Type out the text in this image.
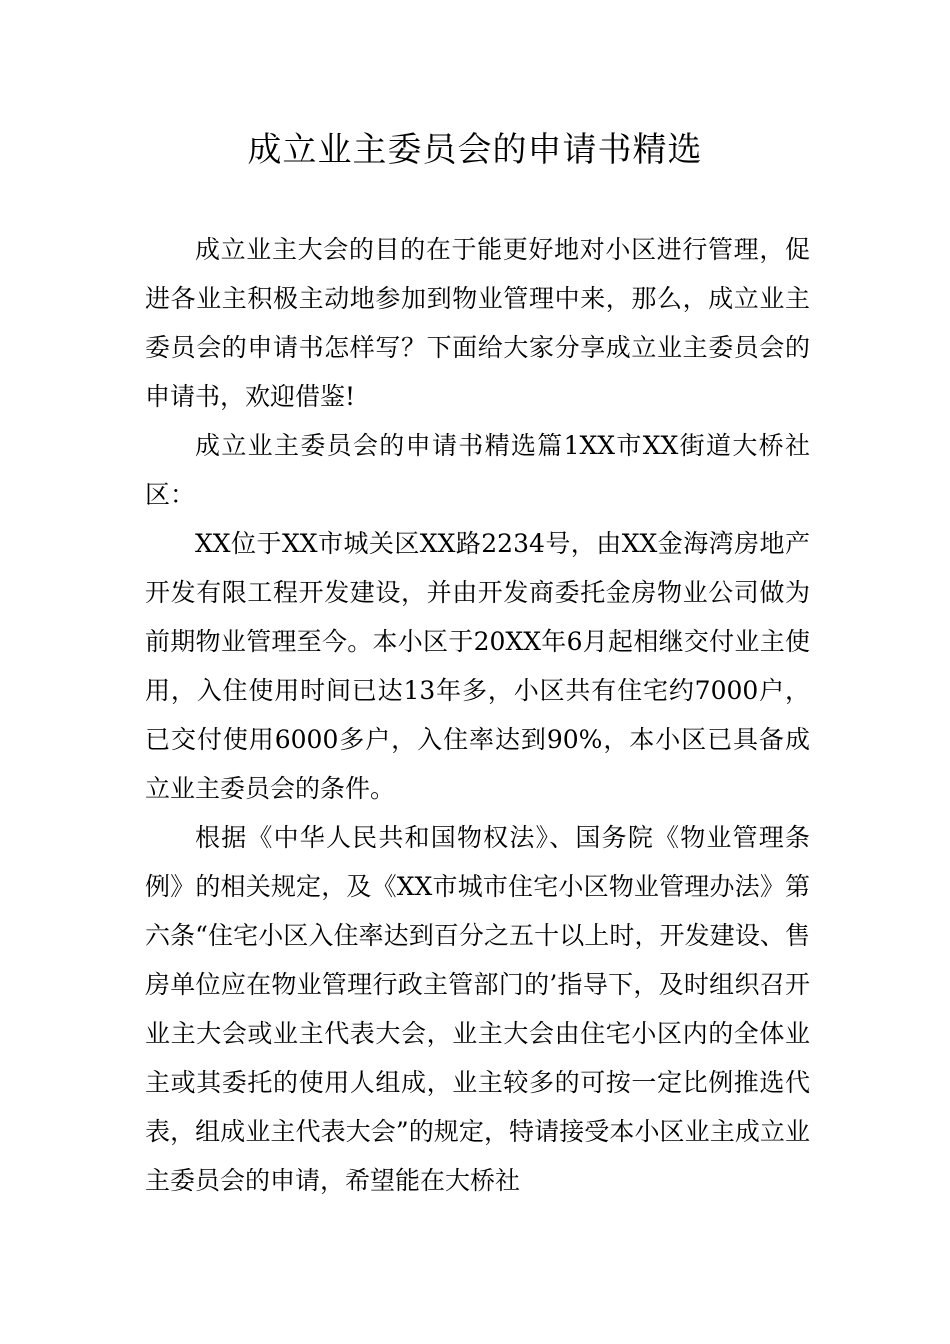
成立业主委员会的申请书精选

成立业主大会的目的在于能更好地对小区进行管理，促进各业主积极主动地参加到物业管理中来，那么，成立业主委员会的申请书怎样写？下面给大家分享成立业主委员会的申请书，欢迎借鉴!

成立业主委员会的申请书精选篇1XX市XX街道大桥社区：

XX位于XX市城关区XX路2234号，由XX金海湾房地产开发有限工程开发建设，并由开发商委托金房物业公司做为前期物业管理至今。本小区于20XX年6月起相继交付业主使用，入住使用时间已达13年多，小区共有住宅约7000户，已交付使用6000多户，入住率达到90%，本小区已具备成立业主委员会的条件。

根据《中华人民共和国物权法》、国务院《物业管理条例》的相关规定，及《XX市城市住宅小区物业管理办法》第六条“住宅小区入住率达到百分之五十以上时，开发建设、售房单位应在物业管理行政主管部门的’指导下，及时组织召开业主大会或业主代表大会，业主大会由住宅小区内的全体业主或其委托的使用人组成，业主较多的可按一定比例推选代表，组成业主代表大会”的规定，特请接受本小区业主成立业主委员会的申请，希望能在大桥社
